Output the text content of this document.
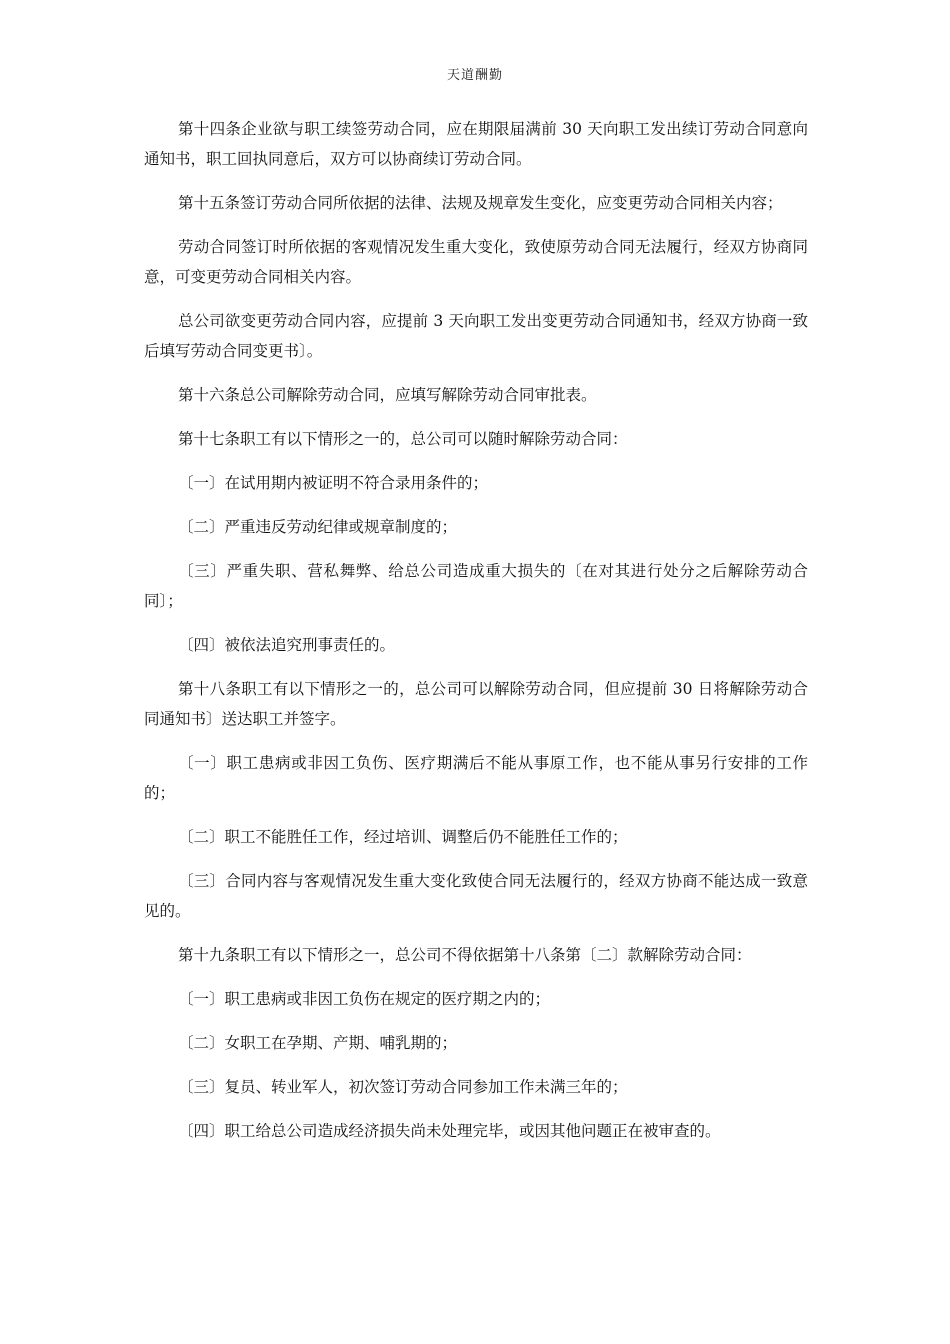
天道酬勤

第十四条企业欲与职工续签劳动合同，应在期限届满前 30 天向职工发出续订劳动合同意向通知书，职工回执同意后，双方可以协商续订劳动合同。

第十五条签订劳动合同所依据的法律、法规及规章发生变化，应变更劳动合同相关内容；

劳动合同签订时所依据的客观情况发生重大变化，致使原劳动合同无法履行，经双方协商同意，可变更劳动合同相关内容。

总公司欲变更劳动合同内容，应提前 3 天向职工发出变更劳动合同通知书，经双方协商一致后填写劳动合同变更书〕。

第十六条总公司解除劳动合同，应填写解除劳动合同审批表。

第十七条职工有以下情形之一的，总公司可以随时解除劳动合同：

〔一〕在试用期内被证明不符合录用条件的；

〔二〕严重违反劳动纪律或规章制度的；

〔三〕严重失职、营私舞弊、给总公司造成重大损失的〔在对其进行处分之后解除劳动合同〕；

〔四〕被依法追究刑事责任的。

第十八条职工有以下情形之一的，总公司可以解除劳动合同，但应提前 30 日将解除劳动合同通知书〕送达职工并签字。

〔一〕职工患病或非因工负伤、医疗期满后不能从事原工作，也不能从事另行安排的工作的；

〔二〕职工不能胜任工作，经过培训、调整后仍不能胜任工作的；

〔三〕合同内容与客观情况发生重大变化致使合同无法履行的，经双方协商不能达成一致意见的。

第十九条职工有以下情形之一，总公司不得依据第十八条第〔二〕款解除劳动合同：

〔一〕职工患病或非因工负伤在规定的医疗期之内的；

〔二〕女职工在孕期、产期、哺乳期的；

〔三〕复员、转业军人，初次签订劳动合同参加工作未满三年的；

〔四〕职工给总公司造成经济损失尚未处理完毕，或因其他问题正在被审查的。
